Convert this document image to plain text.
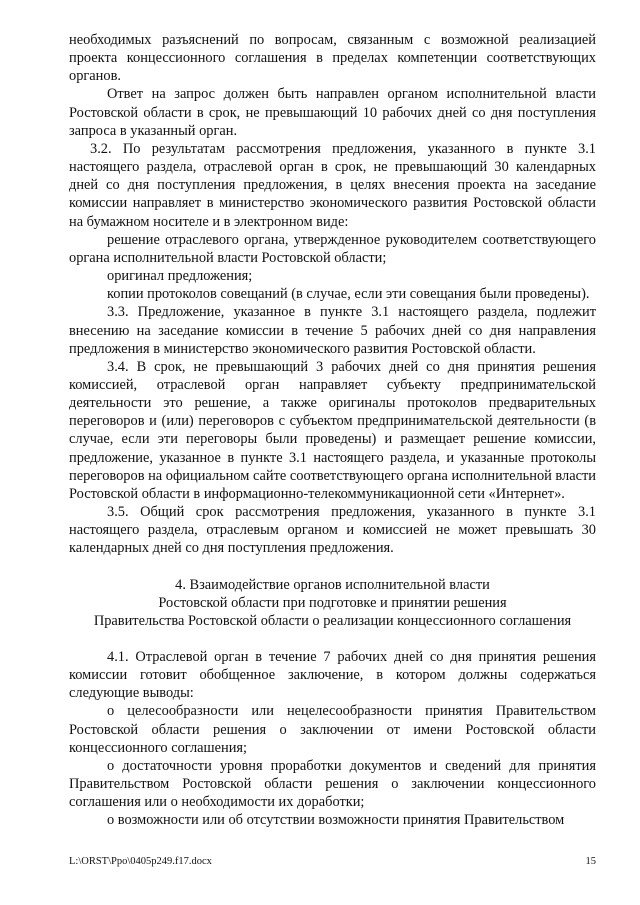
необходимых разъяснений по вопросам, связанным с возможной реализацией проекта концессионного соглашения в пределах компетенции соответствующих органов.

Ответ на запрос должен быть направлен органом исполнительной власти Ростовской области в срок, не превышающий 10 рабочих дней со дня поступления запроса в указанный орган.

3.2. По результатам рассмотрения предложения, указанного в пункте 3.1 настоящего раздела, отраслевой орган в срок, не превышающий 30 календарных дней со дня поступления предложения, в целях внесения проекта на заседание комиссии направляет в министерство экономического развития Ростовской области на бумажном носителе и в электронном виде:

решение отраслевого органа, утвержденное руководителем соответствующего органа исполнительной власти Ростовской области;

оригинал предложения;

копии протоколов совещаний (в случае, если эти совещания были проведены).

3.3. Предложение, указанное в пункте 3.1 настоящего раздела, подлежит внесению на заседание комиссии в течение 5 рабочих дней со дня направления предложения в министерство экономического развития Ростовской области.

3.4. В срок, не превышающий 3 рабочих дней со дня принятия решения комиссией, отраслевой орган направляет субъекту предпринимательской деятельности это решение, а также оригиналы протоколов предварительных переговоров и (или) переговоров с субъектом предпринимательской деятельности (в случае, если эти переговоры были проведены) и размещает решение комиссии, предложение, указанное в пункте 3.1 настоящего раздела, и указанные протоколы переговоров на официальном сайте соответствующего органа исполнительной власти Ростовской области в информационно-телекоммуникационной сети «Интернет».

3.5. Общий срок рассмотрения предложения, указанного в пункте 3.1 настоящего раздела, отраслевым органом и комиссией не может превышать 30 календарных дней со дня поступления предложения.

4. Взаимодействие органов исполнительной власти

Ростовской области при подготовке и принятии решения

Правительства Ростовской области о реализации концессионного соглашения

4.1. Отраслевой орган в течение 7 рабочих дней со дня принятия решения комиссии готовит обобщенное заключение, в котором должны содержаться следующие выводы:

о целесообразности или нецелесообразности принятия Правительством Ростовской области решения о заключении от имени Ростовской области концессионного соглашения;

о достаточности уровня проработки документов и сведений для принятия Правительством Ростовской области решения о заключении концессионного соглашения или о необходимости их доработки;

о возможности или об отсутствии возможности принятия Правительством

L:\ORST\Ppo\0405p249.f17.docx	15
